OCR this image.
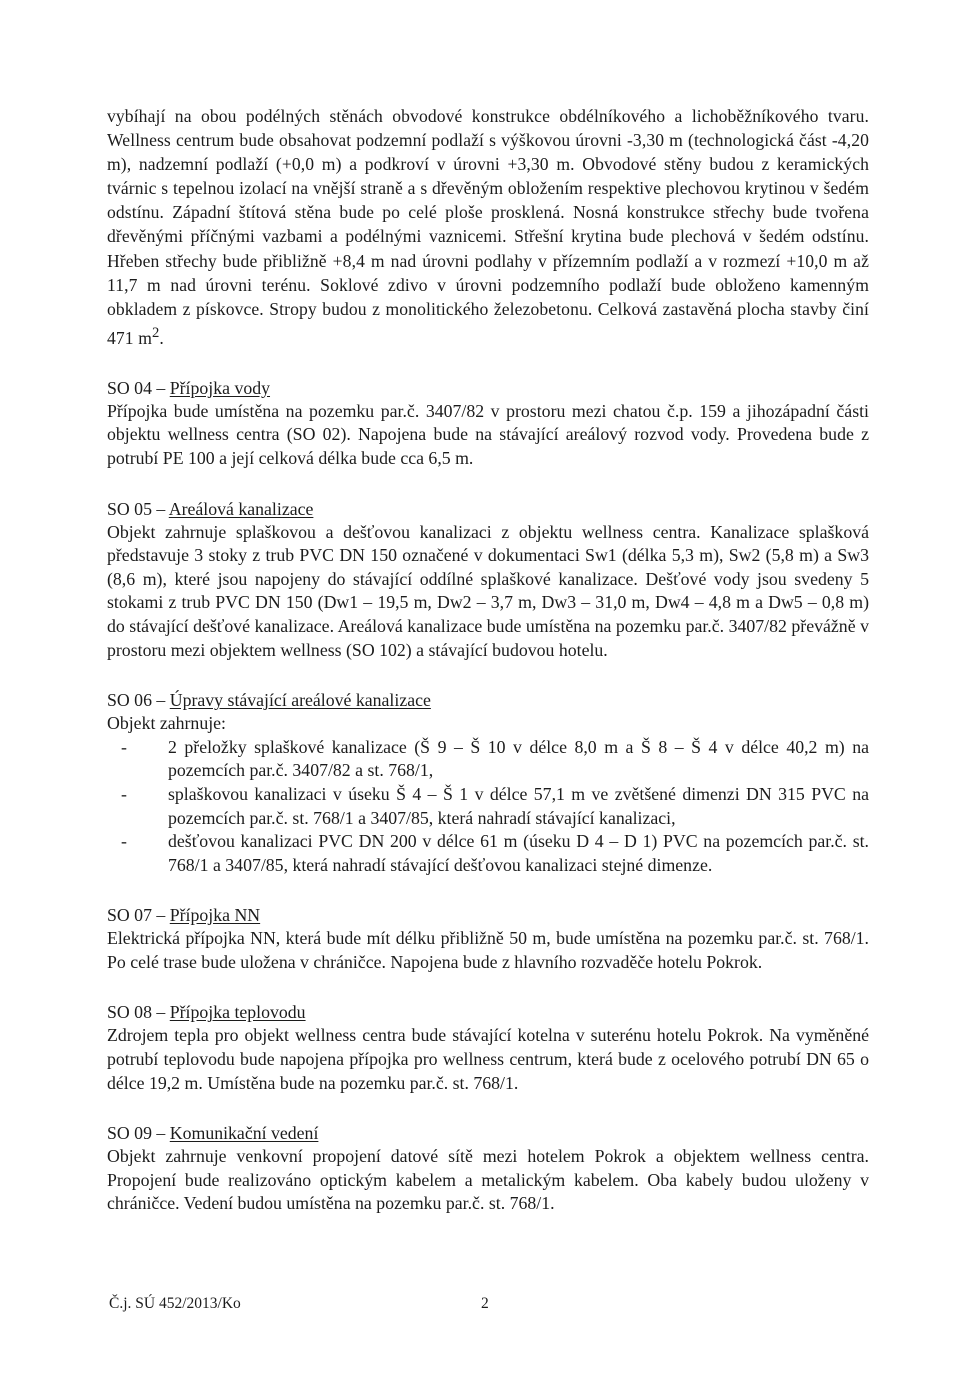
vybíhají na obou podélných stěnách obvodové konstrukce obdélníkového a lichoběžníkového tvaru. Wellness centrum bude obsahovat podzemní podlaží s výškovou úrovni -3,30 m (technologická část -4,20 m), nadzemní podlaží (+0,0 m) a podkroví v úrovni +3,30 m. Obvodové stěny budou z keramických tvárnic s tepelnou izolací na vnější straně a s dřevěným obložením respektive plechovou krytinou v šedém odstínu. Západní štítová stěna bude po celé ploše prosklená. Nosná konstrukce střechy bude tvořena dřevěnými příčnými vazbami a podélnými vaznicemi. Střešní krytina bude plechová v šedém odstínu. Hřeben střechy bude přibližně +8,4 m nad úrovni podlahy v přízemním podlaží a v rozmezí +10,0 m až 11,7 m nad úrovni terénu. Soklové zdivo v úrovni podzemního podlaží bude obloženo kamenným obkladem z pískovce. Stropy budou z monolitického železobetonu. Celková zastavěná plocha stavby činí 471 $m^2$.

SO 04 – Přípojka vody

Přípojka bude umístěna na pozemku par.č. 3407/82 v prostoru mezi chatou č.p. 159 a jihozápadní části objektu wellness centra (SO 02). Napojena bude na stávající areálový rozvod vody. Provedena bude z potrubí PE 100 a její celková délka bude cca 6,5 m.

SO 05 – Areálová kanalizace

Objekt zahrnuje splaškovou a dešťovou kanalizaci z objektu wellness centra. Kanalizace splašková představuje 3 stoky z trub PVC DN 150 označené v dokumentaci Sw1 (délka 5,3 m), Sw2 (5,8 m) a Sw3 (8,6 m), které jsou napojeny do stávající oddílné splaškové kanalizace. Dešťové vody jsou svedeny 5 stokami z trub PVC DN 150 (Dw1 – 19,5 m, Dw2 – 3,7 m, Dw3 – 31,0 m, Dw4 – 4,8 m a Dw5 – 0,8 m) do stávající dešťové kanalizace. Areálová kanalizace bude umístěna na pozemku par.č. 3407/82 převážně v prostoru mezi objektem wellness (SO 102) a stávající budovou hotelu.

SO 06 – Úpravy stávající areálové kanalizace

Objekt zahrnuje:

- 2 přeložky splaškové kanalizace (Š 9 – Š 10 v délce 8,0 m a Š 8 – Š 4 v délce 40,2 m) na pozemcích par.č. 3407/82 a st. 768/1,
- splaškovou kanalizaci v úseku Š 4 – Š 1 v délce 57,1 m ve zvětšené dimenzi DN 315 PVC na pozemcích par.č. st. 768/1 a 3407/85, která nahradí stávající kanalizaci,
- dešťovou kanalizaci PVC DN 200 v délce 61 m (úseku D 4 – D 1) PVC na pozemcích par.č. st. 768/1 a 3407/85, která nahradí stávající dešťovou kanalizaci stejné dimenze.

SO 07 – Přípojka NN

Elektrická přípojka NN, která bude mít délku přibližně 50 m, bude umístěna na pozemku par.č. st. 768/1. Po celé trase bude uložena v chráničce. Napojena bude z hlavního rozvaděče hotelu Pokrok.

SO 08 – Přípojka teplovodu

Zdrojem tepla pro objekt wellness centra bude stávající kotelna v suterénu hotelu Pokrok. Na vyměněné potrubí teplovodu bude napojena přípojka pro wellness centrum, která bude z ocelového potrubí DN 65 o délce 19,2 m. Umístěna bude na pozemku par.č. st. 768/1.

SO 09 – Komunikační vedení

Objekt zahrnuje venkovní propojení datové sítě mezi hotelem Pokrok a objektem wellness centra. Propojení bude realizováno optickým kabelem a metalickým kabelem. Oba kabely budou uloženy v chráničce. Vedení budou umístěna na pozemku par.č. st. 768/1.

Č.j. SÚ 452/2013/Ko	2
